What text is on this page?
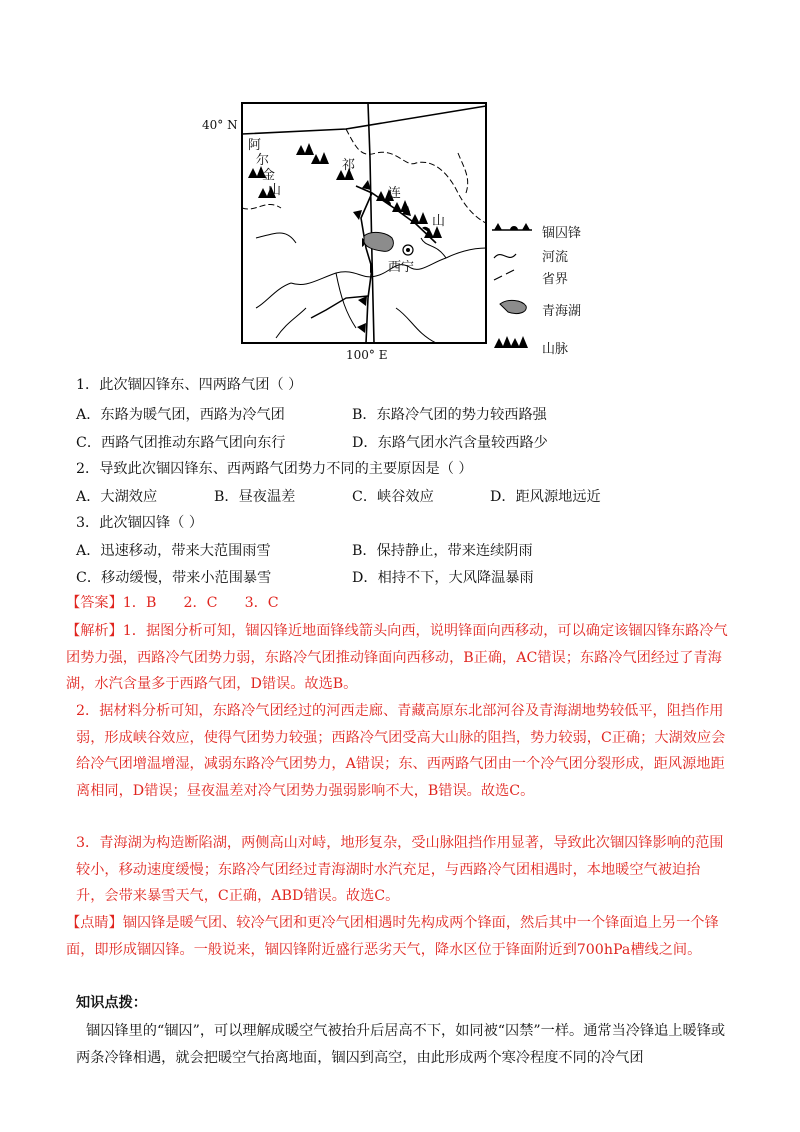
40° N
100° E
阿
尔
金
山
祁
连
山
西宁
锢囚锋
河流
省界
青海湖
山脉
1．此次锢囚锋东、四两路气团（ ）
A．东路为暖气团，西路为冷气团	B．东路冷气团的势力较西路强
C．西路气团推动东路气团向东行	D．东路气团水汽含量较西路少
2．导致此次锢囚锋东、西两路气团势力不同的主要原因是（ ）
A．大湖效应	B．昼夜温差	C．峡谷效应	D．距风源地远近
3．此次锢囚锋（ ）
A．迅速移动，带来大范围雨雪	B．保持静止，带来连续阴雨
C．移动缓慢，带来小范围暴雪	D．相持不下，大风降温暴雨
【答案】1．B      2．C      3．C
【解析】1．据图分析可知，锢囚锋近地面锋线箭头向西，说明锋面向西移动，可以确定该锢囚锋东路冷气团势力强，西路冷气团势力弱，东路冷气团推动锋面向西移动，B正确，AC错误；东路冷气团经过了青海湖，水汽含量多于西路气团，D错误。故选B。
2．据材料分析可知，东路冷气团经过的河西走廊、青藏高原东北部河谷及青海湖地势较低平，阻挡作用弱，形成峡谷效应，使得气团势力较强；西路冷气团受高大山脉的阻挡，势力较弱，C正确；大湖效应会给冷气团增温增湿，减弱东路冷气团势力，A错误；东、西两路气团由一个冷气团分裂形成，距风源地距离相同，D错误；昼夜温差对冷气团势力强弱影响不大，B错误。故选C。
3．青海湖为构造断陷湖，两侧高山对峙，地形复杂，受山脉阻挡作用显著，导致此次锢囚锋影响的范围较小，移动速度缓慢；东路冷气团经过青海湖时水汽充足，与西路冷气团相遇时，本地暖空气被迫抬升，会带来暴雪天气，C正确，ABD错误。故选C。
【点睛】锢囚锋是暖气团、较冷气团和更冷气团相遇时先构成两个锋面，然后其中一个锋面追上另一个锋面，即形成锢囚锋。一般说来，锢囚锋附近盛行恶劣天气，降水区位于锋面附近到700hPa槽线之间。
知识点拨：
锢囚锋里的“锢囚”，可以理解成暖空气被抬升后居高不下，如同被“囚禁”一样。通常当冷锋追上暖锋或两条冷锋相遇，就会把暖空气抬离地面，锢囚到高空，由此形成两个寒冷程度不同的冷气团
